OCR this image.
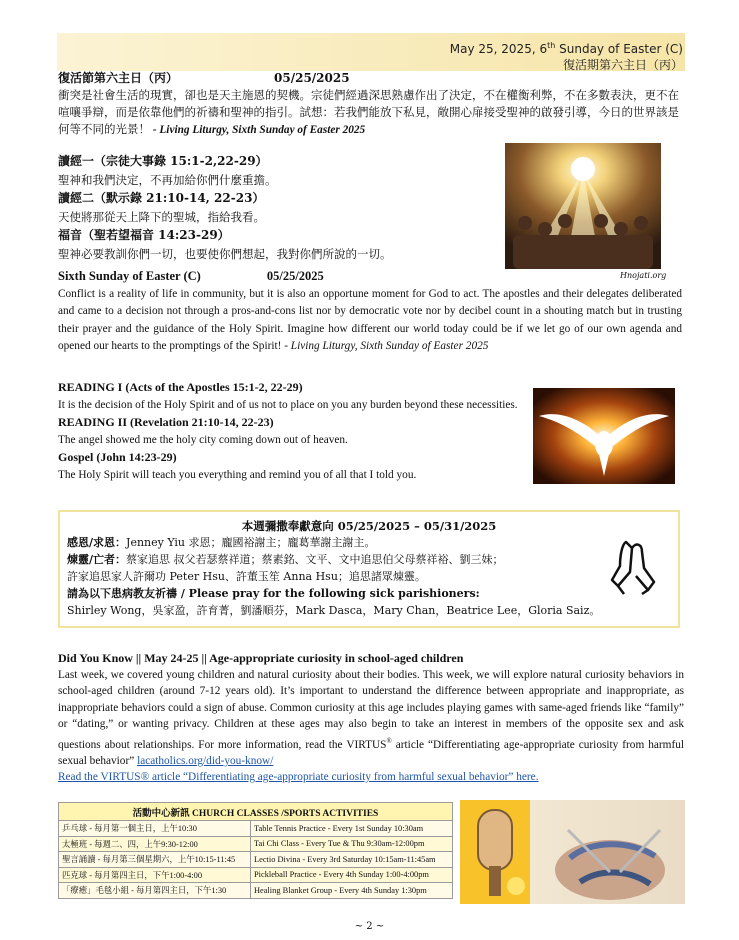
May 25, 2025, 6th Sunday of Easter (C)
復活期第六主日（丙）
復活節第六主日（丙）	05/25/2025
衝突是社會生活的現實，卻也是天主施恩的契機。宗徒們經過深思熟慮作出了決定，不在權衡利弊，不在多數表決，更不在喧嚷爭辯，而是依靠他們的祈禱和聖神的指引。試想：若我們能放下私見，敞開心扉接受聖神的啟發引導，今日的世界該是何等不同的光景！ - Living Liturgy, Sixth Sunday of Easter 2025
讀經一（宗徒大事錄 15:1-2,22-29）
聖神和我們決定，不再加給你們什麼重擔。
讀經二（默示錄 21:10-14, 22-23）
天使將那從天上降下的聖城，指給我看。
福音（聖若望福音 14:23-29）
聖神必要教訓你們一切，也要使你們想起，我對你們所說的一切。
Hnojati.org
Sixth Sunday of Easter (C)	05/25/2025
Conflict is a reality of life in community, but it is also an opportune moment for God to act. The apostles and their delegates deliberated and came to a decision not through a pros-and-cons list nor by democratic vote nor by decibel count in a shouting match but in trusting their prayer and the guidance of the Holy Spirit. Imagine how different our world today could be if we let go of our own agenda and opened our hearts to the promptings of the Spirit! - Living Liturgy, Sixth Sunday of Easter 2025
READING I (Acts of the Apostles 15:1-2, 22-29)
It is the decision of the Holy Spirit and of us not to place on you any burden beyond these necessities.
READING II (Revelation 21:10-14, 22-23)
The angel showed me the holy city coming down out of heaven.
Gospel (John 14:23-29)
The Holy Spirit will teach you everything and remind you of all that I told you.
本週彌撒奉獻意向 05/25/2025 – 05/31/2025
感恩/求恩：Jenney Yiu 求恩；龐國裕謝主；龐葛華謝主謝主。
煉靈/亡者：蔡家追思 叔父若瑟蔡祥道；蔡素銘、文平、文中追思伯父母蔡祥裕、劉三妹；
許家追思家人許爾功 Peter Hsu、許董玉笙 Anna Hsu；追思諸眾煉靈。
請為以下患病教友祈禱 / Please pray for the following sick parishioners:
Shirley Wong，吳家盈，許育菁，劉潘順芬，Mark Dasca，Mary Chan，Beatrice Lee，Gloria Saiz。
Did You Know || May 24-25 || Age-appropriate curiosity in school-aged children
Last week, we covered young children and natural curiosity about their bodies. This week, we will explore natural curiosity behaviors in school-aged children (around 7-12 years old). It’s important to understand the difference between appropriate and inappropriate, as inappropriate behaviors could a sign of abuse. Common curiosity at this age includes playing games with same-aged friends like “family” or “dating,” or wanting privacy. Children at these ages may also begin to take an interest in members of the opposite sex and ask questions about relationships. For more information, read the VIRTUS® article “Differentiating age-appropriate curiosity from harmful sexual behavior” lacatholics.org/did-you-know/
Read the VIRTUS® article “Differentiating age-appropriate curiosity from harmful sexual behavior” here.
活動中心新訊 CHURCH CLASSES /SPORTS ACTIVITIES	
乒乓球 - 每月第一個主日，上午10:30	Table Tennis Practice - Every 1st Sunday 10:30am
太極班 - 每週二、四，上午9:30-12:00	Tai Chi Class - Every Tue & Thu 9:30am-12:00pm
聖言誦讀 - 每月第三個星期六，上午10:15-11:45	Lectio Divina - Every 3rd Saturday 10:15am-11:45am
匹克球 - 每月第四主日，下午1:00-4:00	Pickleball Practice - Every 4th Sunday 1:00-4:00pm
「療癒」毛毯小組 - 每月第四主日，下午1:30	Healing Blanket Group - Every 4th Sunday 1:30pm
~ 2 ~
